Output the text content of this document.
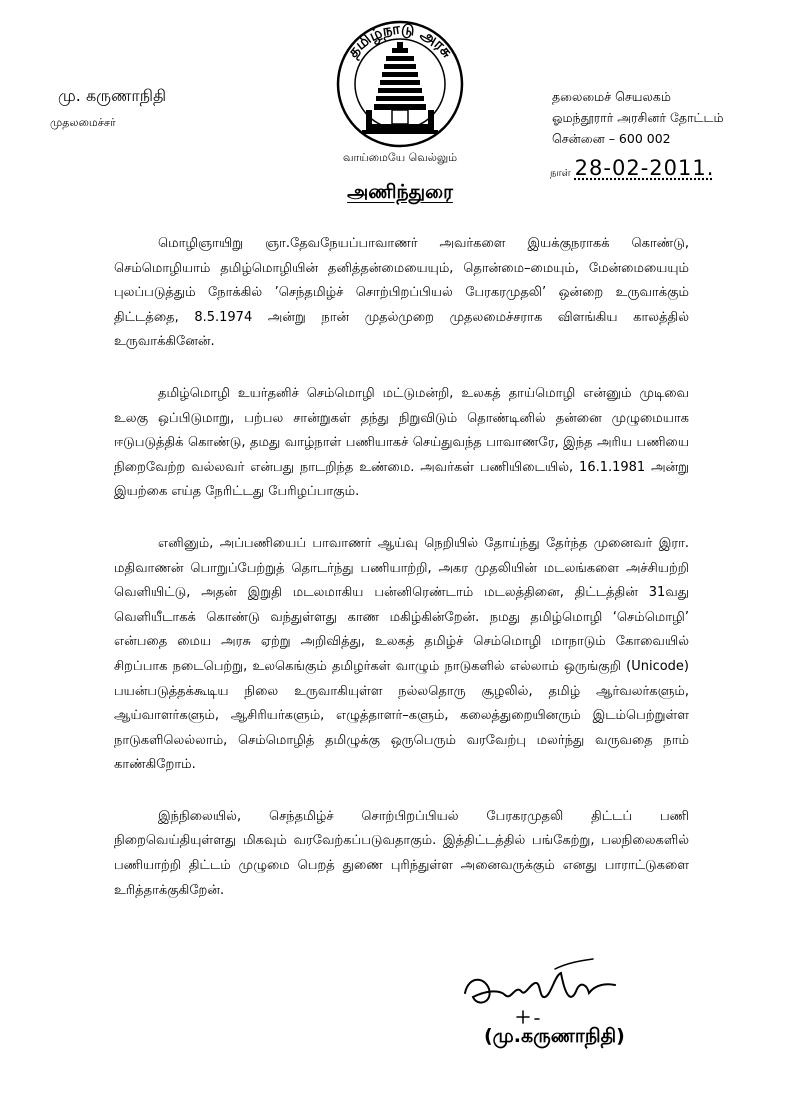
மு. கருணாநிதி
முதலமைச்சர்
தமிழ்நாடு அரசு
வாய்மையே வெல்லும்
தலைமைச் செயலகம்
ஓமந்தூரார் அரசினர் தோட்டம்
சென்னை – 600 002
நாள் 28-02-2011.
அணிந்துரை

மொழிஞாயிறு ஞா.தேவநேயப்பாவாணர் அவர்களை இயக்குநராகக் கொண்டு, செம்மொழியாம் தமிழ்மொழியின் தனித்தன்மையையும், தொன்மை–மையும், மேன்மையையும் புலப்படுத்தும் நோக்கில் ’செந்தமிழ்ச் சொற்பிறப்பியல் பேரகரமுதலி’ ஒன்றை உருவாக்கும் திட்டத்தை, 8.5.1974 அன்று நான் முதல்முறை முதலமைச்சராக விளங்கிய காலத்தில் உருவாக்கினேன்.

தமிழ்மொழி உயர்தனிச் செம்மொழி மட்டுமன்றி, உலகத் தாய்மொழி என்னும் முடிவை உலகு ஒப்பிடுமாறு, பற்பல சான்றுகள் தந்து நிறுவிடும் தொண்டினில் தன்னை முழுமையாக ஈடுபடுத்திக் கொண்டு, தமது வாழ்நாள் பணியாகச் செய்துவந்த பாவாணரே, இந்த அரிய பணியை நிறைவேற்ற வல்லவர் என்பது நாடறிந்த உண்மை. அவர்கள் பணியிடையில், 16.1.1981 அன்று இயற்கை எய்த நேரிட்டது பேரிழப்பாகும்.

எனினும், அப்பணியைப் பாவாணர் ஆய்வு நெறியில் தோய்ந்து தேர்ந்த முனைவர் இரா. மதிவாணன் பொறுப்பேற்றுத் தொடர்ந்து பணியாற்றி, அகர முதலியின் மடலங்களை அச்சியற்றி வெளியிட்டு, அதன் இறுதி மடலமாகிய பன்னிரெண்டாம் மடலத்தினை, திட்டத்தின் 31வது வெளியீடாகக் கொண்டு வந்துள்ளது காண மகிழ்கின்றேன். நமது தமிழ்மொழி ‘செம்மொழி’ என்பதை மைய அரசு ஏற்று அறிவித்து, உலகத் தமிழ்ச் செம்மொழி மாநாடும் கோவையில் சிறப்பாக நடைபெற்று, உலகெங்கும் தமிழர்கள் வாழும் நாடுகளில் எல்லாம் ஒருங்குறி (Unicode) பயன்படுத்தக்கூடிய நிலை உருவாகியுள்ள நல்லதொரு சூழலில், தமிழ் ஆர்வலர்களும், ஆய்வாளர்களும், ஆசிரியர்களும், எழுத்தாளர்–களும், கலைத்துறையினரும் இடம்பெற்றுள்ள நாடுகளிலெல்லாம், செம்மொழித் தமிழுக்கு ஒருபெரும் வரவேற்பு மலர்ந்து வருவதை நாம் காண்கிறோம்.

இந்நிலையில், செந்தமிழ்ச் சொற்பிறப்பியல் பேரகரமுதலி திட்டப் பணி நிறைவெய்தியுள்ளது மிகவும் வரவேற்கப்படுவதாகும். இத்திட்டத்தில் பங்கேற்று, பலநிலைகளில் பணியாற்றி திட்டம் முழுமை பெறத் துணை புரிந்துள்ள அனைவருக்கும் எனது பாராட்டுகளை உரித்தாக்குகிறேன்.

(மு.கருணாநிதி)
